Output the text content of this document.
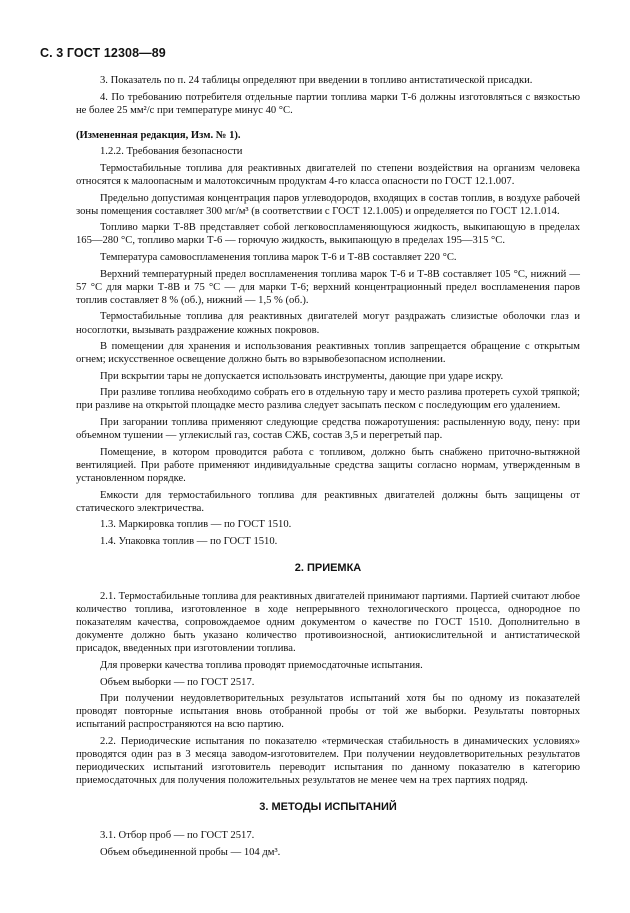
С. 3 ГОСТ 12308—89

3. Показатель по п. 24 таблицы определяют при введении в топливо антистатической присадки.

4. По требованию потребителя отдельные партии топлива марки Т-6 должны изготовляться с вязкостью не более 25 мм²/с при температуре минус 40 °С.

(Измененная редакция, Изм. № 1).

1.2.2. Требования безопасности

Термостабильные топлива для реактивных двигателей по степени воздействия на организм человека относятся к малоопасным и малотоксичным продуктам 4-го класса опасности по ГОСТ 12.1.007.

Предельно допустимая концентрация паров углеводородов, входящих в состав топлив, в воздухе рабочей зоны помещения составляет 300 мг/м³ (в соответствии с ГОСТ 12.1.005) и определяется по ГОСТ 12.1.014.

Топливо марки Т-8В представляет собой легковоспламеняющуюся жидкость, выкипающую в пределах 165—280 °С, топливо марки Т-6 — горючую жидкость, выкипающую в пределах 195—315 °С.

Температура самовоспламенения топлива марок Т-6 и Т-8В составляет 220 °С.

Верхний температурный предел воспламенения топлива марок Т-6 и Т-8В составляет 105 °С, нижний — 57 °С для марки Т-8В и 75 °С — для марки Т-6; верхний концентрационный предел воспламенения паров топлив составляет 8 % (об.), нижний — 1,5 % (об.).

Термостабильные топлива для реактивных двигателей могут раздражать слизистые оболочки глаз и носоглотки, вызывать раздражение кожных покровов.

В помещении для хранения и использования реактивных топлив запрещается обращение с открытым огнем; искусственное освещение должно быть во взрывобезопасном исполнении.

При вскрытии тары не допускается использовать инструменты, дающие при ударе искру.

При разливе топлива необходимо собрать его в отдельную тару и место разлива протереть сухой тряпкой; при разливе на открытой площадке место разлива следует засыпать песком с последующим его удалением.

При загорании топлива применяют следующие средства пожаротушения: распыленную воду, пену: при объемном тушении — углекислый газ, состав СЖБ, состав 3,5 и перегретый пар.

Помещение, в котором проводится работа с топливом, должно быть снабжено приточно-вытяжной вентиляцией. При работе применяют индивидуальные средства защиты согласно нормам, утвержденным в установленном порядке.

Емкости для термостабильного топлива для реактивных двигателей должны быть защищены от статического электричества.

1.3. Маркировка топлив — по ГОСТ 1510.

1.4. Упаковка топлив — по ГОСТ 1510.

2. ПРИЕМКА

2.1. Термостабильные топлива для реактивных двигателей принимают партиями. Партией считают любое количество топлива, изготовленное в ходе непрерывного технологического процесса, однородное по показателям качества, сопровождаемое одним документом о качестве по ГОСТ 1510. Дополнительно в документе должно быть указано количество противоизносной, антиокислительной и антистатической присадок, введенных при изготовлении топлива.

Для проверки качества топлива проводят приемосдаточные испытания.

Объем выборки — по ГОСТ 2517.

При получении неудовлетворительных результатов испытаний хотя бы по одному из показателей проводят повторные испытания вновь отобранной пробы от той же выборки. Результаты повторных испытаний распространяются на всю партию.

2.2. Периодические испытания по показателю «термическая стабильность в динамических условиях» проводятся один раз в 3 месяца заводом-изготовителем. При получении неудовлетворительных результатов периодических испытаний изготовитель переводит испытания по данному показателю в категорию приемосдаточных для получения положительных результатов не менее чем на трех партиях подряд.

3. МЕТОДЫ ИСПЫТАНИЙ

3.1. Отбор проб — по ГОСТ 2517.

Объем объединенной пробы — 104 дм³.
